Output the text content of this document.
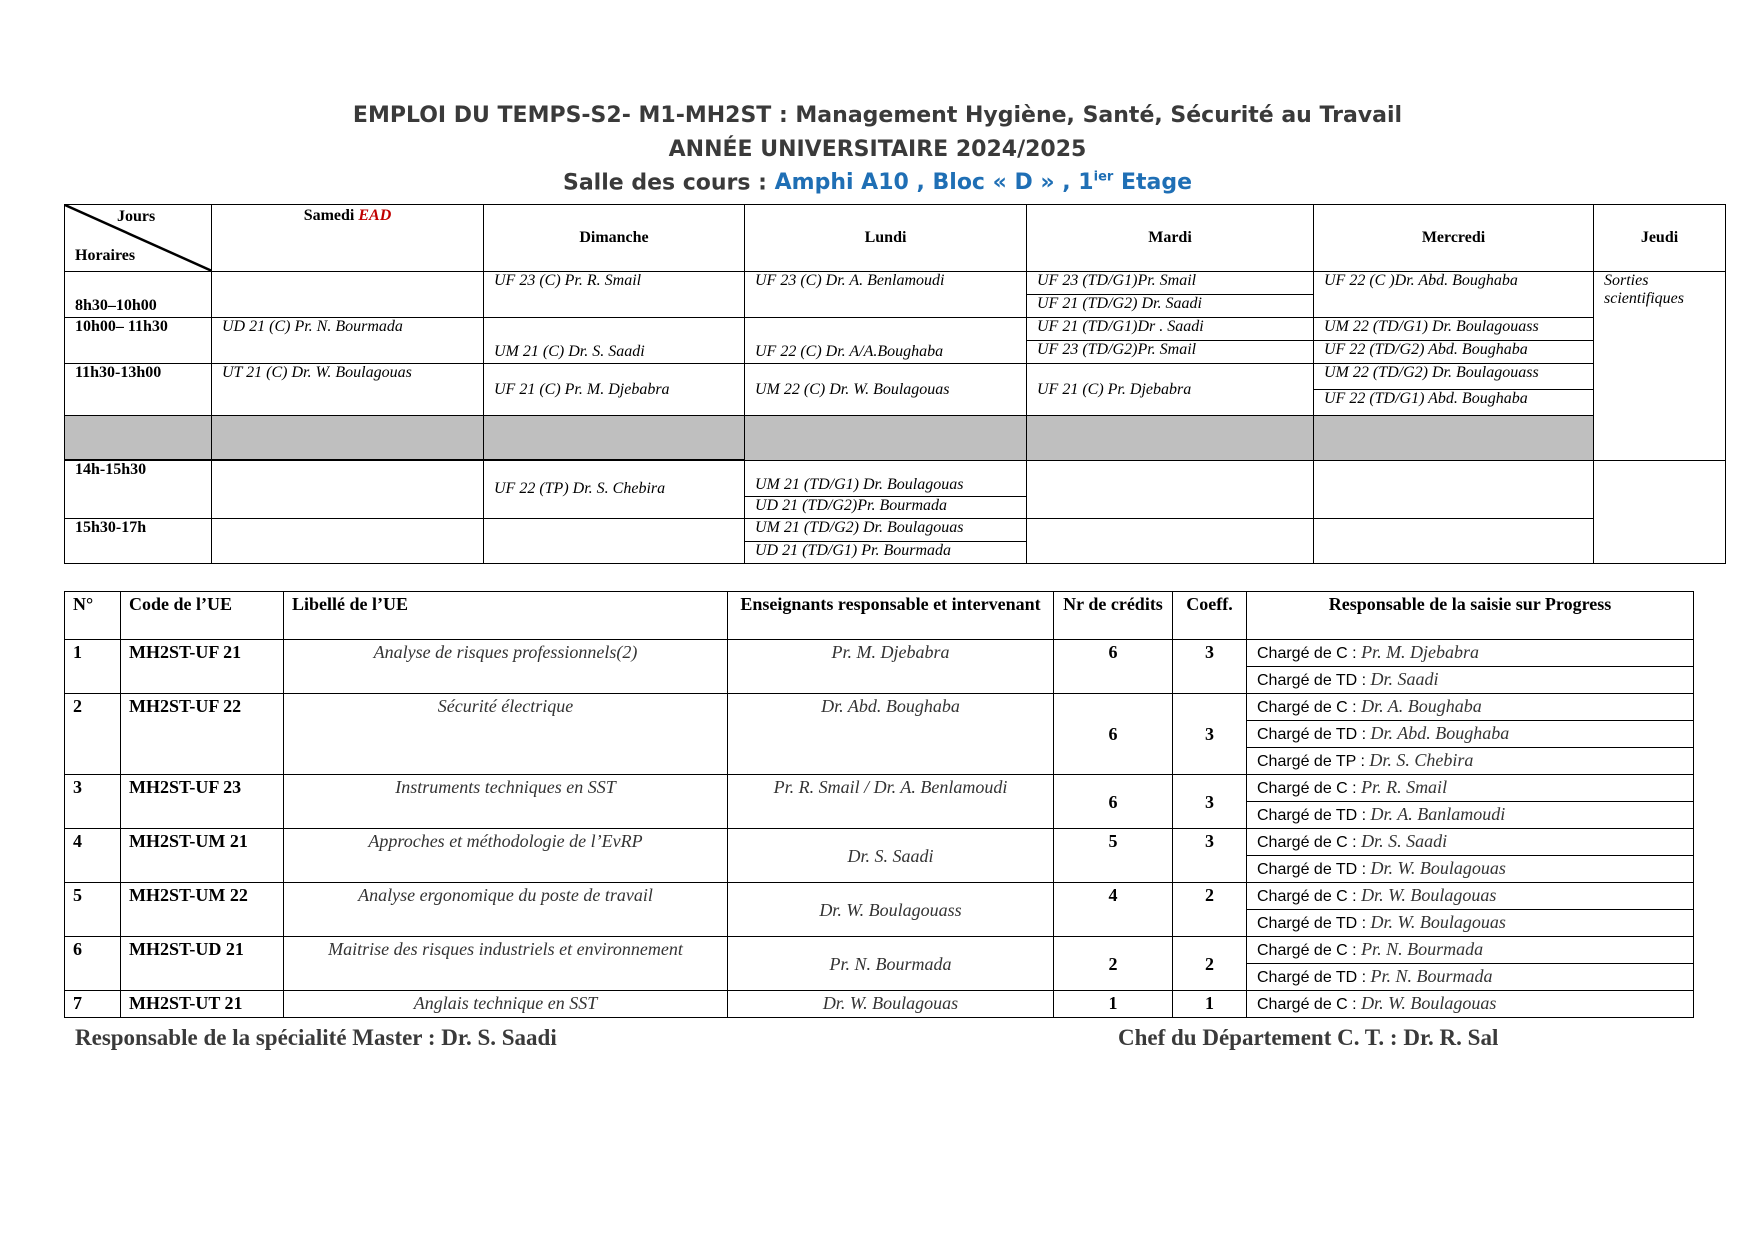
EMPLOI DU TEMPS-S2- M1-MH2ST : Management Hygiène, Santé, Sécurité au Travail
ANNÉE UNIVERSITAIRE 2024/2025
Salle des cours : Amphi A10 , Bloc « D » , $1^{ier}$ Etage
Jours
Horaires	Samedi EAD	Dimanche	Lundi	Mardi	Mercredi	Jeudi
8h30–10h00		UF 23 (C) Pr. R. Smail	UF 23 (C) Dr. A. Benlamoudi	UF 23 (TD/G1)Pr. Smail	UF 22 (C )Dr. Abd. Boughaba	Sorties scientifiques
				UF 21 (TD/G2) Dr. Saadi		
10h00– 11h30	UD 21 (C) Pr. N. Bourmada	UM 21 (C) Dr. S. Saadi	UF 22 (C) Dr. A/A.Boughaba	UF 21 (TD/G1)Dr . Saadi	UM 22 (TD/G1) Dr. Boulagouass	
				UF 23 (TD/G2)Pr. Smail	UF 22 (TD/G2) Abd. Boughaba	
11h30-13h00	UT 21 (C) Dr. W. Boulagouas	UF 21 (C) Pr. M. Djebabra	UM 22 (C) Dr. W. Boulagouas	UF 21 (C) Pr. Djebabra	UM 22 (TD/G2) Dr. Boulagouass	
					UF 22 (TD/G1) Abd. Boughaba	

14h-15h30		UF 22 (TP) Dr. S. Chebira	UM 21 (TD/G1) Dr. Boulagouas			
			UD 21 (TD/G2)Pr. Bourmada			
15h30-17h			UM 21 (TD/G2) Dr. Boulagouas			
			UD 21 (TD/G1) Pr. Bourmada			
N°	Code de l’UE	Libellé de l’UE	Enseignants responsable et intervenant	Nr de crédits	Coeff.	Responsable de la saisie sur Progress
1	MH2ST-UF 21	Analyse de risques professionnels(2)	Pr. M. Djebabra	6	3	Chargé de C : Pr. M. Djebabra
						Chargé de TD : Dr. Saadi
2	MH2ST-UF 22	Sécurité électrique	Dr. Abd. Boughaba	6	3	Chargé de C : Dr. A. Boughaba
						Chargé de TD : Dr. Abd. Boughaba
						Chargé de TP : Dr. S. Chebira
3	MH2ST-UF 23	Instruments techniques en SST	Pr. R. Smail / Dr. A. Benlamoudi	6	3	Chargé de C : Pr. R. Smail
						Chargé de TD : Dr. A. Banlamoudi
4	MH2ST-UM 21	Approches et méthodologie de l’EvRP	Dr. S. Saadi	5	3	Chargé de C : Dr. S. Saadi
						Chargé de TD : Dr. W. Boulagouas
5	MH2ST-UM 22	Analyse ergonomique du poste de travail	Dr. W. Boulagouass	4	2	Chargé de C : Dr. W. Boulagouas
						Chargé de TD : Dr. W. Boulagouas
6	MH2ST-UD 21	Maitrise des risques industriels et environnement	Pr. N. Bourmada	2	2	Chargé de C : Pr. N. Bourmada
						Chargé de TD : Pr. N. Bourmada
7	MH2ST-UT 21	Anglais technique en SST	Dr. W. Boulagouas	1	1	Chargé de C : Dr. W. Boulagouas
Responsable de la spécialité Master : Dr. S. Saadi	Chef du Département C. T. : Dr. R. Sal
